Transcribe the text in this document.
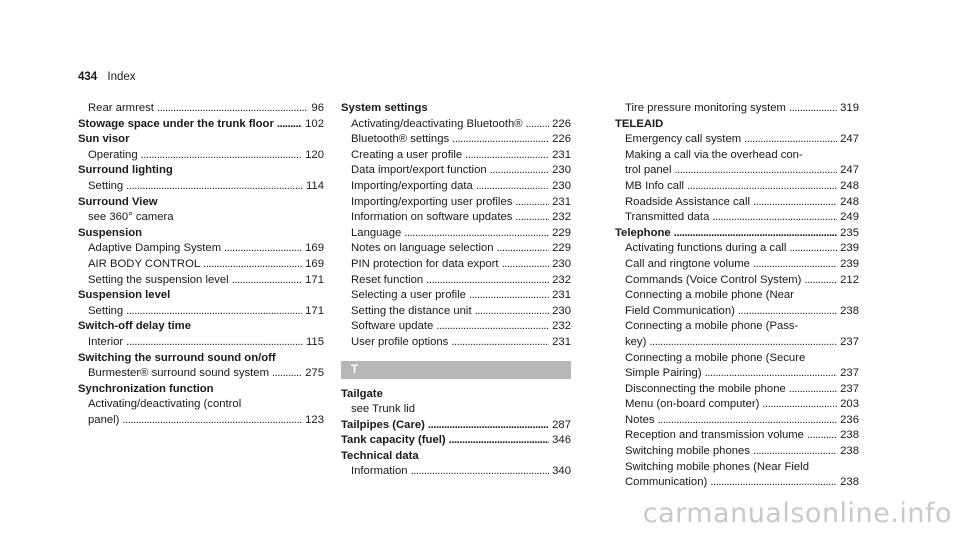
434 Index
Rear armrest . . .	96
Stowage space under the trunk floor . . .	102
Sun visor
Operating . . .	120
Surround lighting
Setting . . .	114
Surround View
see 360° camera
Suspension
Adaptive Damping System . . .	169
AIR BODY CONTROL . . .	169
Setting the suspension level . . .	171
Suspension level
Setting . . .	171
Switch-off delay time
Interior . . .	115
Switching the surround sound on/off
Burmester® surround sound system . . .	275
Synchronization function
Activating/deactivating (control
panel) . . .	123
System settings
Activating/deactivating Bluetooth® . . .	226
Bluetooth® settings . . .	226
Creating a user profile . . .	231
Data import/export function . . .	230
Importing/exporting data . . .	230
Importing/exporting user profiles . . .	231
Information on software updates . . .	232
Language . . .	229
Notes on language selection . . .	229
PIN protection for data export . . .	230
Reset function . . .	232
Selecting a user profile . . .	231
Setting the distance unit . . .	230
Software update . . .	232
User profile options . . .	231
T
Tailgate
see Trunk lid
Tailpipes (Care) . . .	287
Tank capacity (fuel) . . .	346
Technical data
Information . . .	340
Tire pressure monitoring system . . .	319
TELEAID
Emergency call system . . .	247
Making a call via the overhead con-
trol panel . . .	247
MB Info call . . .	248
Roadside Assistance call . . .	248
Transmitted data . . .	249
Telephone . . .	235
Activating functions during a call . . .	239
Call and ringtone volume . . .	239
Commands (Voice Control System) . . .	212
Connecting a mobile phone (Near
Field Communication) . . .	238
Connecting a mobile phone (Pass-
key) . . .	237
Connecting a mobile phone (Secure
Simple Pairing) . . .	237
Disconnecting the mobile phone . . .	237
Menu (on-board computer) . . .	203
Notes . . .	236
Reception and transmission volume . . .	238
Switching mobile phones . . .	238
Switching mobile phones (Near Field
Communication) . . .	238
carmanualsonline.info
